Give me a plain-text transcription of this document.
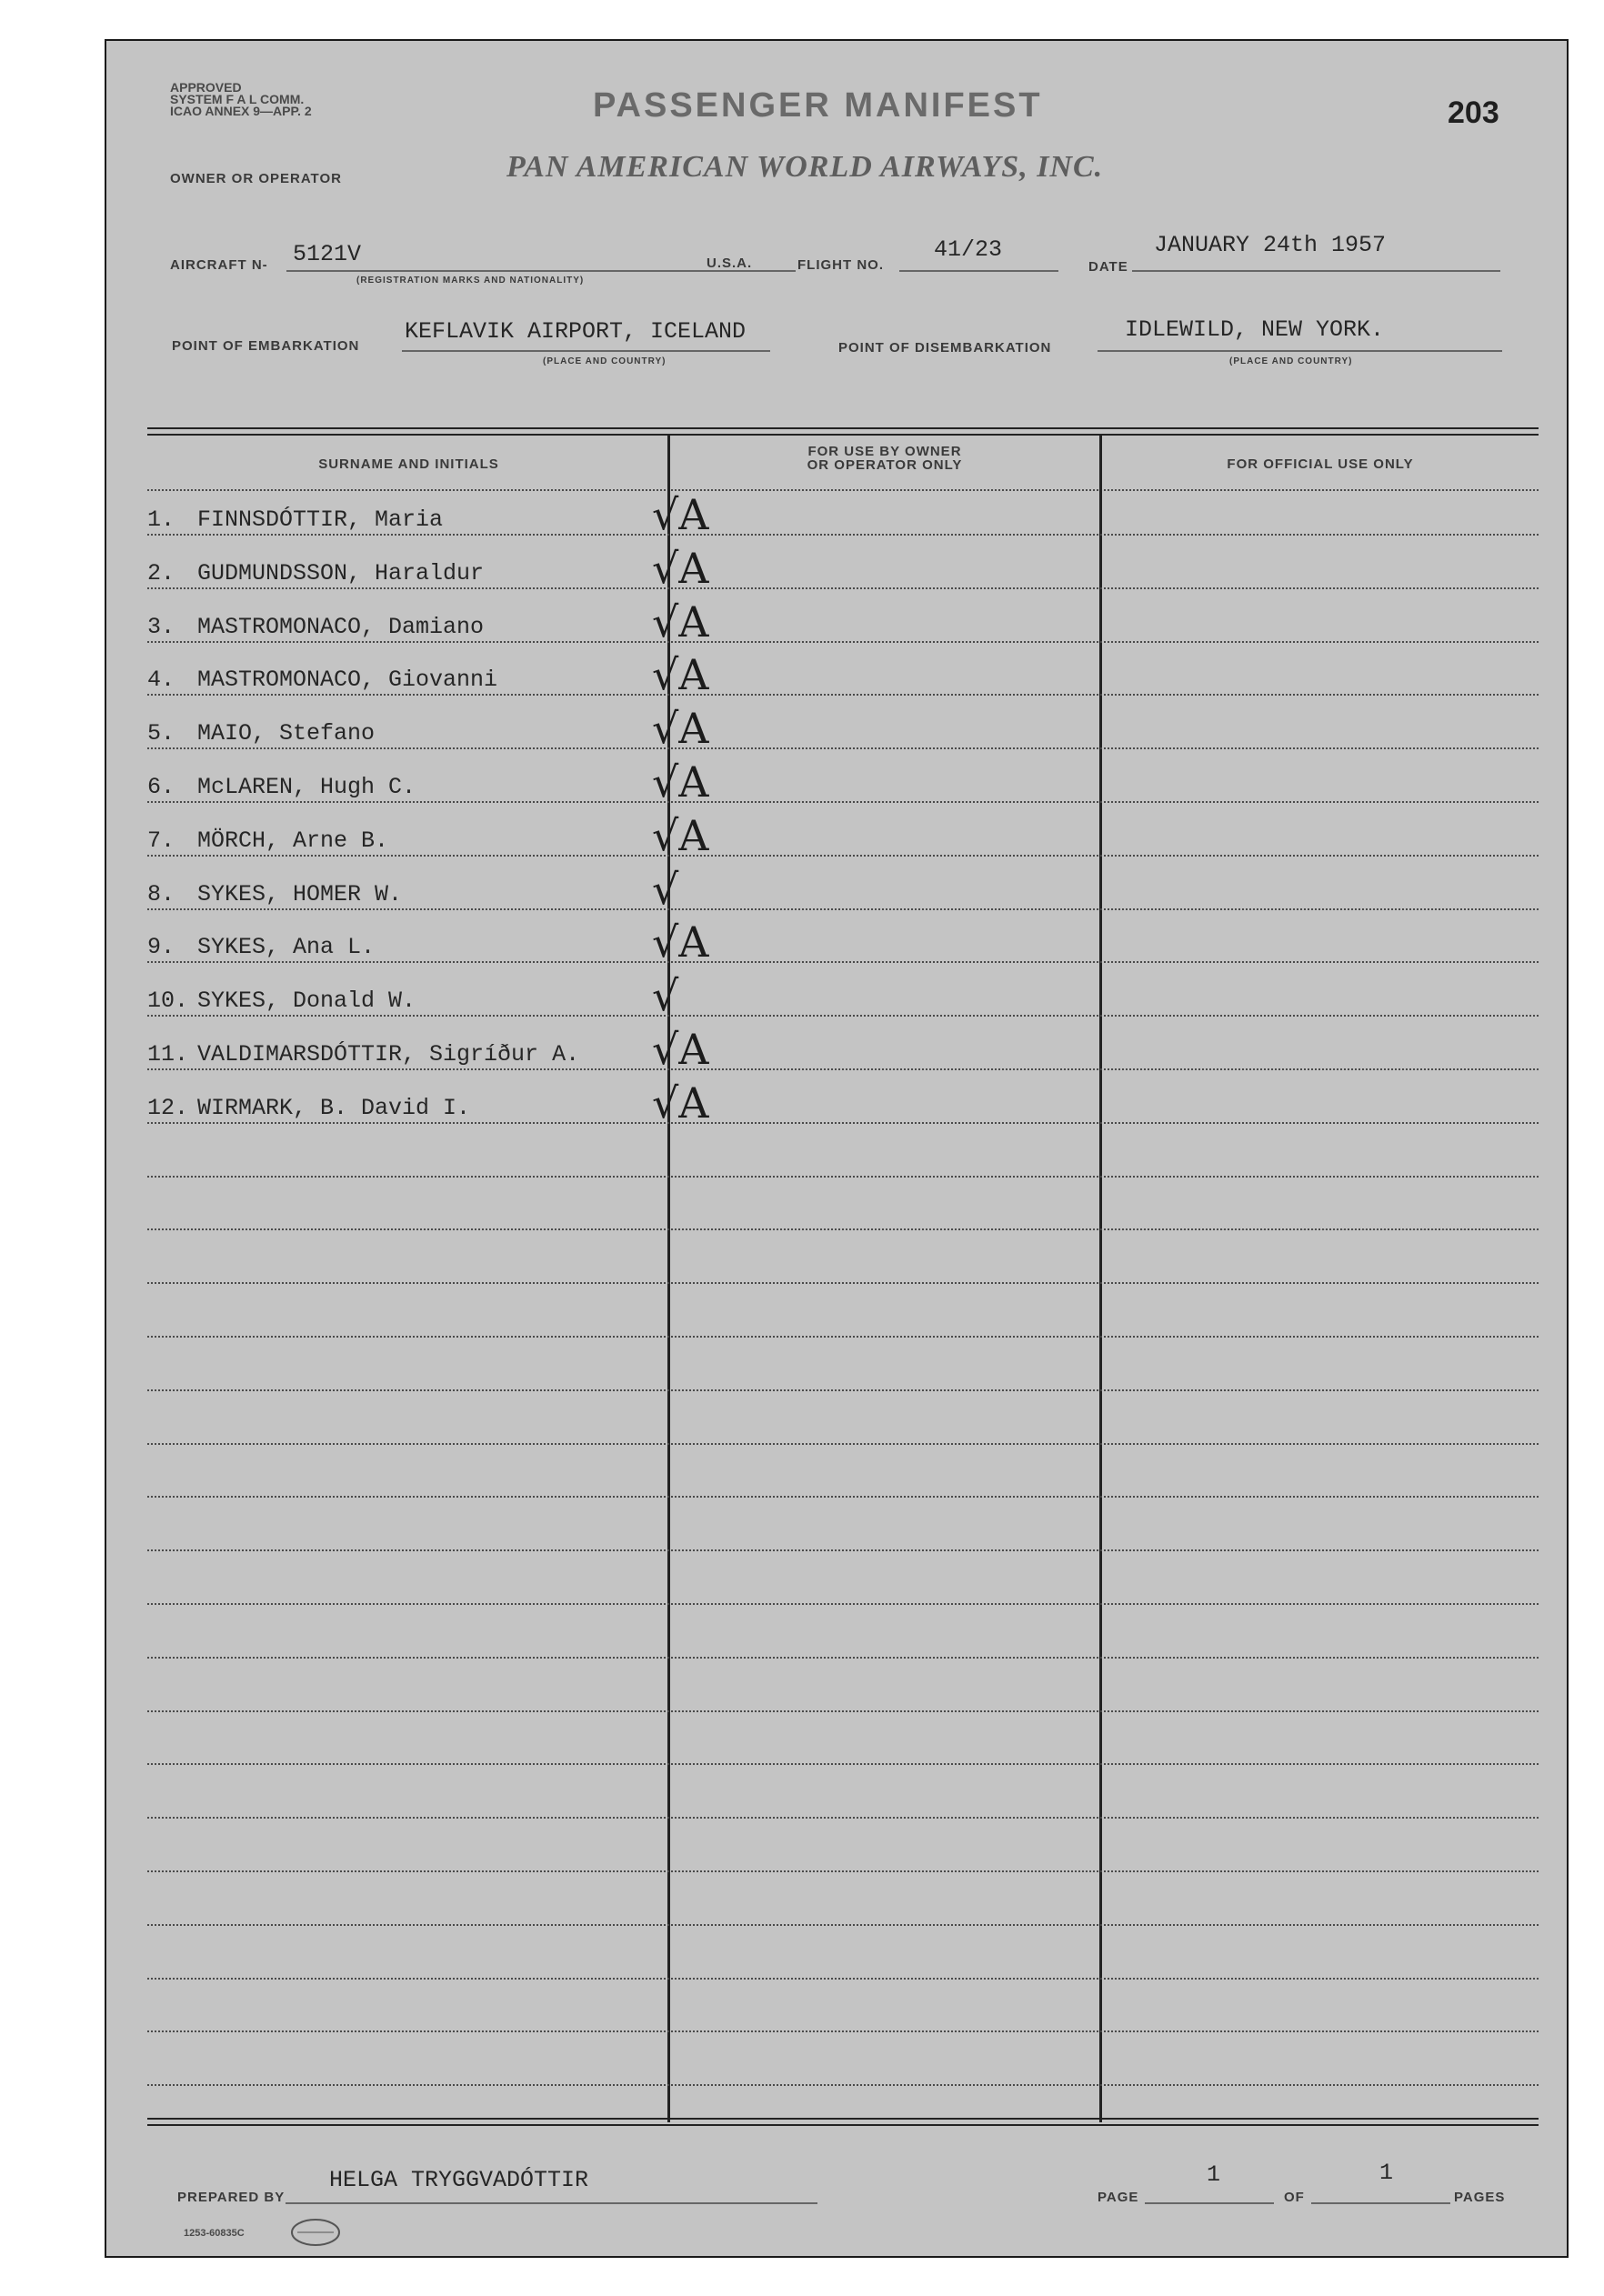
APPROVED
SYSTEM F A L COMM.
ICAO ANNEX 9—APP. 2	PASSENGER MANIFEST	203
OWNER OR OPERATOR	PAN AMERICAN WORLD AIRWAYS, INC.
AIRCRAFT N- 5121V
(REGISTRATION MARKS AND NATIONALITY)
U.S.A.	FLIGHT NO.
41/23
DATE
JANUARY 24th 1957
POINT OF EMBARKATION
KEFLAVIK AIRPORT, ICELAND
(PLACE AND COUNTRY)
POINT OF DISEMBARKATION
IDLEWILD, NEW YORK.
(PLACE AND COUNTRY)
SURNAME AND INITIALS
FOR USE BY OWNER
OR OPERATOR ONLY	FOR OFFICIAL USE ONLY
1. FINNSDÓTTIR, Maria	√A
2. GUDMUNDSSON, Haraldur	√A
3. MASTROMONACO, Damiano	√A
4. MASTROMONACO, Giovanni	√A
5. MAIO, Stefano	√A
6. McLAREN, Hugh C.	√A
7. MÖRCH, Arne B.	√A
8. SYKES, HOMER W.	√
9. SYKES, Ana L.	√A
10. SYKES, Donald W.	√
11. VALDIMARSDÓTTIR, Sigríður A. √A
12. WIRMARK, B. David I.	√A
PREPARED BY
HELGA TRYGGVADÓTTIR
PAGE
1
OF
1
PAGES
1253-60835C
